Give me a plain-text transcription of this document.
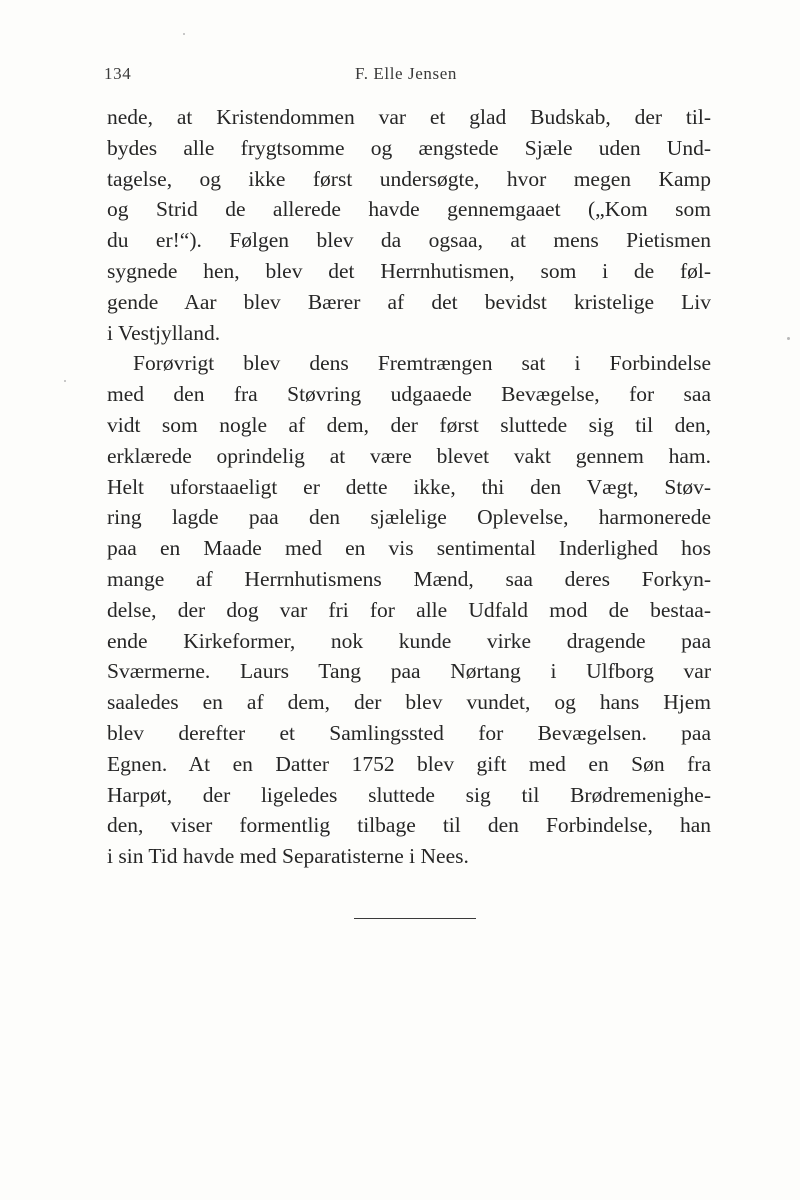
134	F. Elle Jensen
nede, at Kristendommen var et glad Budskab, der til-
bydes alle frygtsomme og ængstede Sjæle uden Und-
tagelse, og ikke først undersøgte, hvor megen Kamp
og Strid de allerede havde gennemgaaet („Kom som
du er!“). Følgen blev da ogsaa, at mens Pietismen
sygnede hen, blev det Herrnhutismen, som i de føl-
gende Aar blev Bærer af det bevidst kristelige Liv
i Vestjylland.
Forøvrigt blev dens Fremtrængen sat i Forbindelse
med den fra Støvring udgaaede Bevægelse, for saa
vidt som nogle af dem, der først sluttede sig til den,
erklærede oprindelig at være blevet vakt gennem ham.
Helt uforstaaeligt er dette ikke, thi den Vægt, Støv-
ring lagde paa den sjælelige Oplevelse, harmonerede
paa en Maade med en vis sentimental Inderlighed hos
mange af Herrnhutismens Mænd, saa deres Forkyn-
delse, der dog var fri for alle Udfald mod de bestaa-
ende Kirkeformer, nok kunde virke dragende paa
Sværmerne. Laurs Tang paa Nørtang i Ulfborg var
saaledes en af dem, der blev vundet, og hans Hjem
blev derefter et Samlingssted for Bevægelsen. paa
Egnen. At en Datter 1752 blev gift med en Søn fra
Harpøt, der ligeledes sluttede sig til Brødremenighe-
den, viser formentlig tilbage til den Forbindelse, han
i sin Tid havde med Separatisterne i Nees.
